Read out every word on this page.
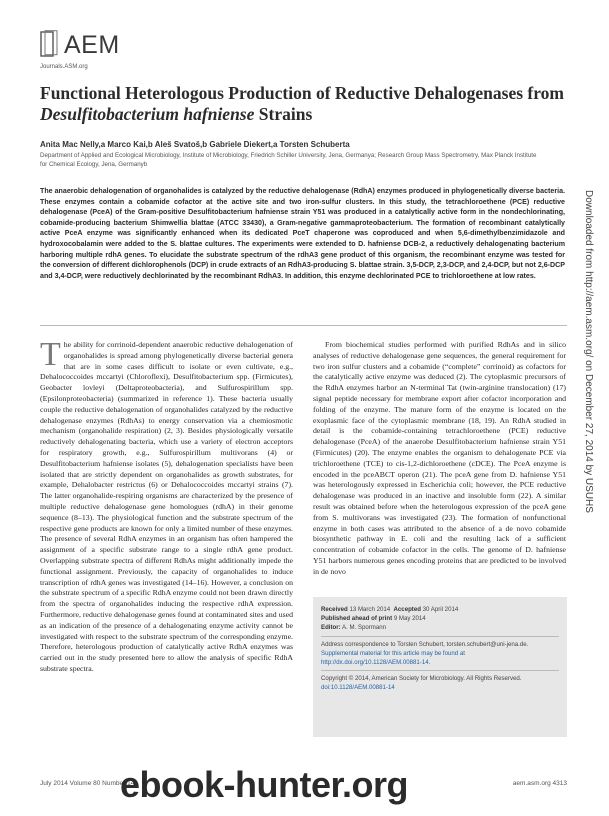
AEM
Journals.ASM.org
Functional Heterologous Production of Reductive Dehalogenases from Desulfitobacterium hafniense Strains
Anita Mac Nelly,a Marco Kai,b Aleš Svatoš,b Gabriele Diekert,a Torsten Schuberta
Department of Applied and Ecological Microbiology, Institute of Microbiology, Friedrich Schiller University, Jena, Germanya; Research Group Mass Spectrometry, Max Planck Institute for Chemical Ecology, Jena, Germanyb

The anaerobic dehalogenation of organohalides is catalyzed by the reductive dehalogenase (RdhA) enzymes produced in phylogenetically diverse bacteria. These enzymes contain a cobamide cofactor at the active site and two iron-sulfur clusters. In this study, the tetrachloroethene (PCE) reductive dehalogenase (PceA) of the Gram-positive Desulfitobacterium hafniense strain Y51 was produced in a catalytically active form in the nondechlorinating, cobamide-producing bacterium Shimwellia blattae (ATCC 33430), a Gram-negative gammaproteobacterium. The formation of recombinant catalytically active PceA enzyme was significantly enhanced when its dedicated PceT chaperone was coproduced and when 5,6-dimethylbenzimidazole and hydroxocobalamin were added to the S. blattae cultures. The experiments were extended to D. hafniense DCB-2, a reductively dehalogenating bacterium harboring multiple rdhA genes. To elucidate the substrate spectrum of the rdhA3 gene product of this organism, the recombinant enzyme was tested for the conversion of different dichlorophenols (DCP) in crude extracts of an RdhA3-producing S. blattae strain. 3,5-DCP, 2,3-DCP, and 2,4-DCP, but not 2,6-DCP and 3,4-DCP, were reductively dechlorinated by the recombinant RdhA3. In addition, this enzyme dechlorinated PCE to trichloroethene at low rates.

T he ability for corrinoid-dependent anaerobic reductive dehalogenation of organohalides is spread among phylogenetically diverse bacterial genera that are in some cases difficult to isolate or even cultivate, e.g., Dehalococcoides mccartyi (Chloroflexi), Desulfitobacterium spp. (Firmicutes), Geobacter lovleyi (Deltaproteobacteria), and Sulfurospirillum spp. (Epsilonproteobacteria) (summarized in reference 1). These bacteria usually couple the reductive dehalogenation of organohalides catalyzed by the reductive dehalogenase enzymes (RdhAs) to energy conservation via a chemiosmotic mechanism (organohalide respiration) (2, 3). Besides physiologically versatile reductively dehalogenating bacteria, which use a variety of electron acceptors for respiratory growth, e.g., Sulfurospirillum multivorans (4) or Desulfitobacterium hafniense isolates (5), dehalogenation specialists have been isolated that are strictly dependent on organohalides as growth substrates, for example, Dehalobacter restrictus (6) or Dehalococcoides mccartyi strains (7). The latter organohalide-respiring organisms are characterized by the presence of multiple reductive dehalogenase gene homologues (rdhA) in their genome sequence (8–13). The physiological function and the substrate spectrum of the respective gene products are known for only a limited number of these enzymes. The presence of several RdhA enzymes in an organism has often hampered the assignment of a specific substrate range to a single rdhA gene product. Overlapping substrate spectra of different RdhAs might additionally impede the functional assignment. Previously, the capacity of organohalides to induce transcription of rdhA genes was investigated (14–16). However, a conclusion on the substrate spectrum of a specific RdhA enzyme could not been drawn directly from the spectra of organohalides inducing the respective rdhA expression. Furthermore, reductive dehalogenase genes found at contaminated sites and used as an indication of the presence of a dehalogenating enzyme activity cannot be investigated with respect to the substrate spectrum of the corresponding enzyme. Therefore, heterologous production of catalytically active RdhA enzymes was carried out in the study presented here to allow the analysis of specific RdhA substrate spectra.

From biochemical studies performed with purified RdhAs and in silico analyses of reductive dehalogenase gene sequences, the general requirement for two iron sulfur clusters and a cobamide (“complete” corrinoid) as cofactors for the catalytically active enzyme was deduced (2). The cytoplasmic precursors of the RdhA enzymes harbor an N-terminal Tat (twin-arginine translocation) (17) signal peptide necessary for membrane export after cofactor incorporation and folding of the enzyme. The mature form of the enzyme is located on the exoplasmic face of the cytoplasmic membrane (18, 19). An RdhA studied in detail is the cobamide-containing tetrachloroethene (PCE) reductive dehalogenase (PceA) of the anaerobe Desulfitobacterium hafniense strain Y51 (Firmicutes) (20). The enzyme enables the organism to dehalogenate PCE via trichloroethene (TCE) to cis-1,2-dichloroethene (cDCE). The PceA enzyme is encoded in the pceABCT operon (21). The pceA gene from D. hafniense Y51 was heterologously expressed in Escherichia coli; however, the PCE reductive dehalogenase was produced in an inactive and insoluble form (22). A similar result was obtained before when the heterologous expression of the pceA gene from S. multivorans was investigated (23). The formation of nonfunctional enzyme in both cases was attributed to the absence of a de novo cobamide biosynthetic pathway in E. coli and the resulting lack of a sufficient concentration of cobamide cofactor in the cells. The genome of D. hafniense Y51 harbors numerous genes encoding proteins that are predicted to be involved in de novo

Received 13 March 2014 Accepted 30 April 2014
Published ahead of print 9 May 2014
Editor: A. M. Spormann
Address correspondence to Torsten Schubert, torsten.schubert@uni-jena.de.
Supplemental material for this article may be found at http://dx.doi.org/10.1128/AEM.00881-14.
Copyright © 2014, American Society for Microbiology. All Rights Reserved.
doi:10.1128/AEM.00881-14
Downloaded from http://aem.asm.org/ on December 27, 2014 by USUHS
July 2014 Volume 80 Number 14	aem.asm.org 4313
ebook-hunter.org
